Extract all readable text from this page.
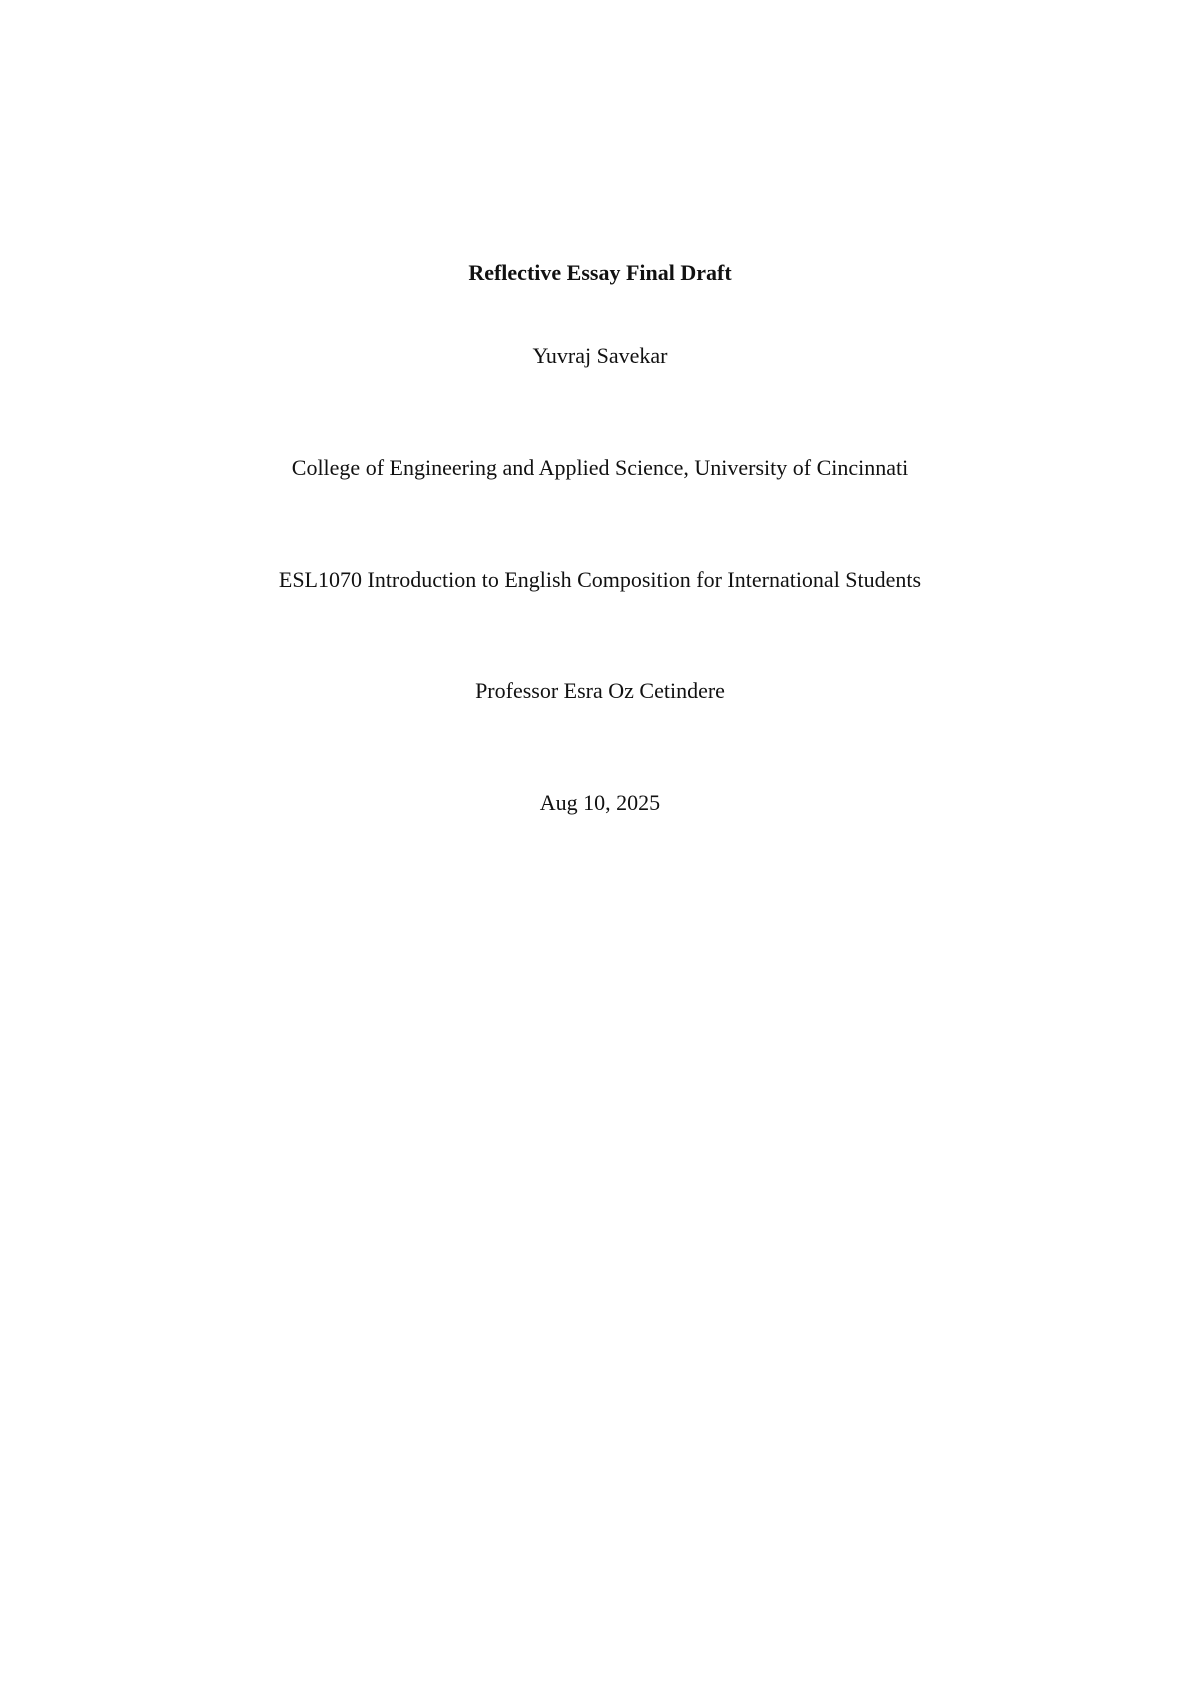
Reflective Essay Final Draft
Yuvraj Savekar
College of Engineering and Applied Science, University of Cincinnati
ESL1070 Introduction to English Composition for International Students
Professor Esra Oz Cetindere
Aug 10, 2025
